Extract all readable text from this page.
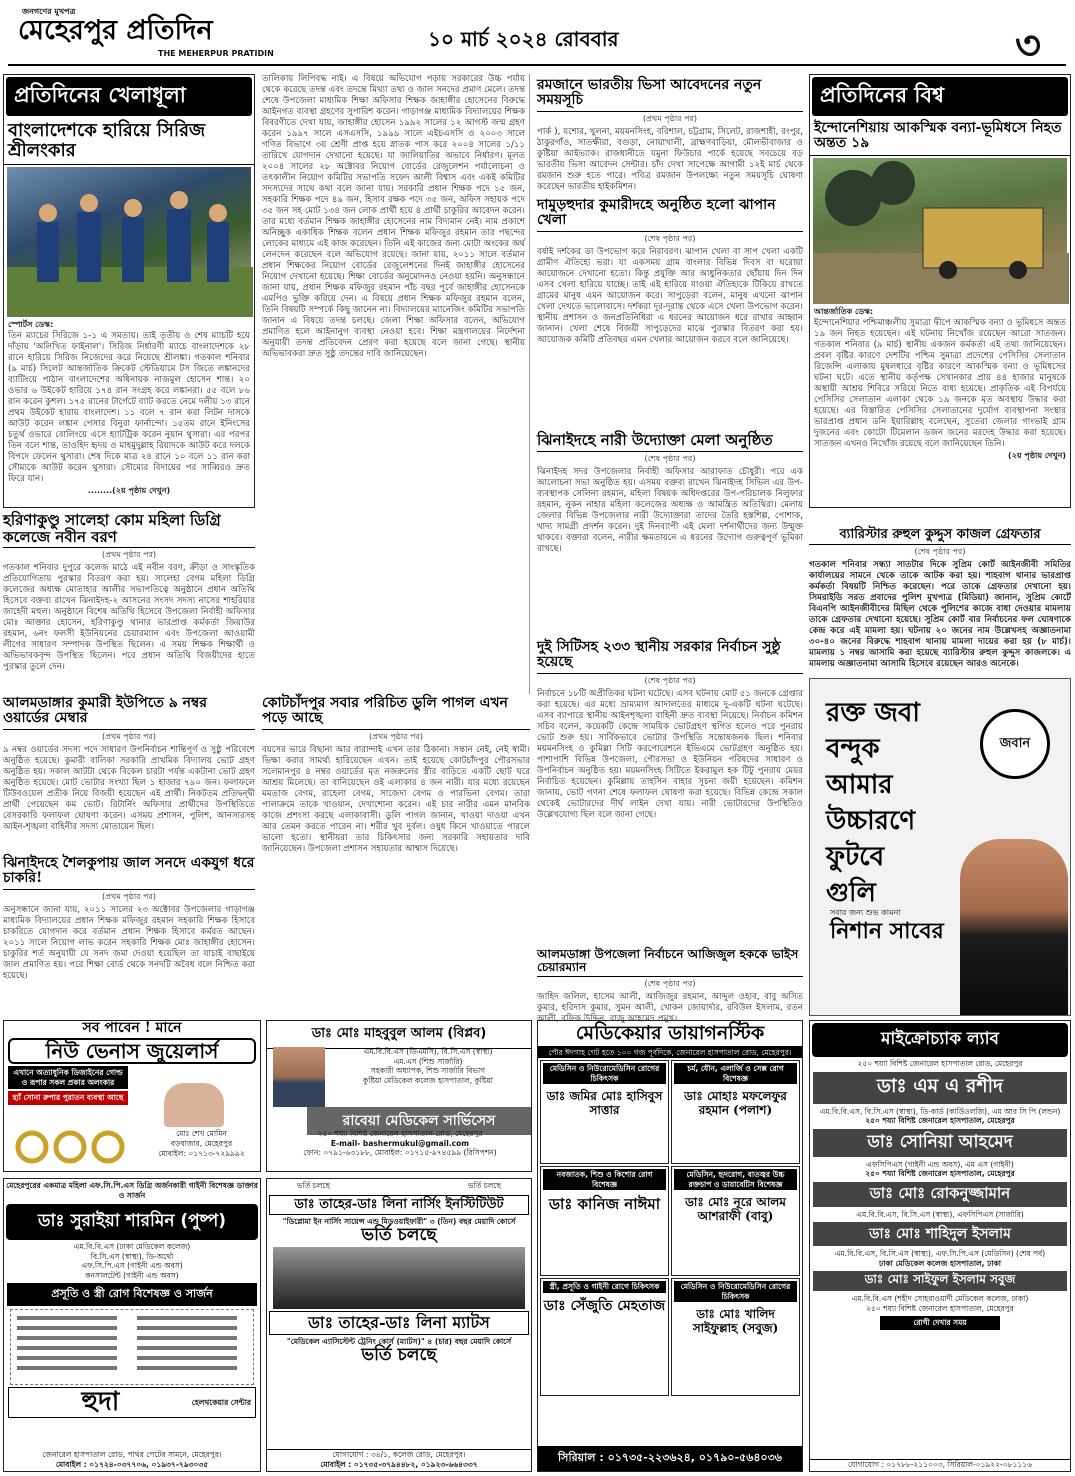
জনগণের মুখপত্র
মেহেরপুর প্রতিদিন
THE MEHERPUR PRATIDIN
১০ মার্চ ২০২৪ রোববার	৩
প্রতিদিনের খেলাধূলা
বাংলাদেশকে হারিয়ে সিরিজ শ্রীলংকার
স্পোর্টস ডেস্ক:
তিন ম্যাচের সিরিজে ১-১ এ সমতায়। তাই তৃতীয় ও শেষ ম্যাচটি হয়ে দাঁড়ায় 'অলিখিত ফাইনাল'। সিরিজ নির্ধারণী ম্যাচে বাংলাদেশকে ২৮ রানে হারিয়ে সিরিজ নিজেদের করে নিয়েছে শ্রীলঙ্কা। গতকাল শনিবার (৯ মার্চ) সিলেট আন্তর্জাতিক ক্রিকেট স্টেডিয়ামে টস জিতে লঙ্কানদের ব্যাটিংয়ে পাঠান বাংলাদেশের অধিনায়ক নাজমুল হোসেন শান্ত। ২০ ওভার ৬ উইকেট হারিয়ে ১৭৪ রান সংগ্রহ করে লঙ্কানরা। ৫৫ বলে ৮৬ রান করেন কুশল। ১৭৫ রানের টার্গেটে ব্যাট করতে নেমে দলীয় ১৩ রানে প্রথম উইকেট হারায় বাংলাদেশ। ১১ বলে ৭ রান করা লিটন দাসকে আউট করেন লঙ্কান পেসার বিনুরা ফার্নান্দো। ১৫তম রানে ইনিংসের চতুর্থ ওভারে বোলিংয়ে এসে হ্যাটট্রিক করেন নুয়ান থুসারা। এর পরপর তিন বলে শান্ত, তাওহিদ হৃদয় ও মাহমুদুল্লাহ রিয়াদকে আউট করে দলকে বিপদে ফেলেন থুসারা। শেষ দিকে মাত্র ২৪ রানে ১০ বলে ১১ রান করা সৌম্যকে আউট করেন থুসারা। সৌম্যের বিদায়ের পর সাব্বিরও দ্রুত ফিরে যান।
........(২য় পৃষ্ঠায় দেখুন)
হরিণাকুণ্ডু সালেহা কোম মহিলা ডিগ্রি কলেজে নবীন বরণ
(প্রথম পৃষ্ঠার পর)
গতকাল শনিবার দুপুরে কলেজ মাঠে এই নবীন বরণ, ক্রীড়া ও সাংস্কৃতিক প্রতিযোগিতায় পুরস্কার বিতরণ করা হয়। সালেহা বেগম মহিলা ডিগ্রি কলেজের অধ্যক্ষ মোতাহার আলীর সভাপতিত্বে অনুষ্ঠানে প্রধান অতিথি হিসেবে বক্তব্য রাখেন ঝিনাইদহ-২ আসনের সংসদ সদস্য নাসের শাহরিয়ার জাহেদী মহুল। অনুষ্ঠানে বিশেষ অতিথি হিসেবে উপজেলা নির্বাহী অফিসার মোঃ আক্তার হোসেন, হরিণাকুণ্ডু থানার ভারপ্রাপ্ত কর্মকর্তা জিয়াউর রহমান, ৬নং ফলসী ইউনিয়নের চেয়ারম্যান এবং উপজেলা আওয়ামী লীগের সাধারণ সম্পাদক উপস্থিত ছিলেন। এ সময় শিক্ষক শিক্ষার্থী ও অভিভাবকবৃন্দ উপস্থিত ছিলেন। পরে প্রধান অতিথি বিজয়ীদের হাতে পুরস্কার তুলে দেন।
আলমডাঙ্গার কুমারী ইউপিতে ৯ নম্বর ওয়ার্ডের মেম্বার
(প্রথম পৃষ্ঠার পর)
৯ নম্বর ওয়ার্ডের সদস্য পদে সাধারণ উপনির্বাচন শান্তিপূর্ণ ও সুষ্ঠু পরিবেশে অনুষ্ঠিত হয়েছে। কুমারী বালিকা সরকারি প্রাথমিক বিদ্যালয় ভোট গ্রহণ অনুষ্ঠিত হয়। সকাল আটটা থেকে বিকেল চারটা পর্যন্ত একটানা ভোট গ্রহণ অনুষ্ঠিত হয়েছে। মোট ভোটার সংখ্যা ছিল ১ হাজার ৭৯০ জন। ফলাফলে টিউবওয়েল প্রতীক নিয়ে বিজয়ী হয়েছেন এই প্রার্থী। নিকটতম প্রতিদ্বন্দ্বী প্রার্থী পেয়েছেন কম ভোট। রিটার্নিং অফিসার প্রার্থীদের উপস্থিতিতে বেসরকারি ফলাফল ঘোষণা করেন। এসময় প্রশাসন, পুলিশ, আনসারসহ আইন-শৃঙ্খলা বাহিনীর সদস্য মোতায়েন ছিল।
ঝিনাইদহে শৈলকুপায় জাল সনদে একযুগ ধরে চাকরি!
(প্রথম পৃষ্ঠার পর)
অনুসন্ধানে জানা যায়, ২০১১ সালের ২৩ অক্টোবর উপজেলার গাড়াগঞ্জ মাধ্যমিক বিদ্যালয়ের প্রধান শিক্ষক মফিজুর রহমান সহকারি শিক্ষক হিসাবে চাকরিতে যোগদান করে বর্তমান প্রধান শিক্ষক হিসাবে কর্মরত আছেন। ২০১১ সালে নিয়োগ লাভ করেন সহকারি শিক্ষক মোঃ জাহাঙ্গীর হোসেন। চাকুরির শর্ত অনুযায়ী যে সনদ জমা দেওয়া হয়েছিল তা যাচাই বাছাইয়ে জাল প্রমাণিত হয়। পরে শিক্ষা বোর্ড থেকে সনদটি অবৈধ বলে নিশ্চিত করা হয়েছে।
তালিকায় লিপিবদ্ধ নাই। এ বিষয়ে অভিযোগ পড়ায় সরকারের উচ্চ পর্যায় থেকে করেছে তদন্ত এবং তদন্তে মিথ্যা তথ্য ও জাল সনদের প্রমাণ মেলে। তদন্ত শেষে উপজেলা মাধ্যমিক শিক্ষা অফিসার শিক্ষক জাহাঙ্গীর হোসেনের বিরুদ্ধে আইনগত ব্যবস্থা গ্রহণের সুপারিশ করেন। গাড়াগঞ্জ মাধ্যমিক বিদ্যালয়ের শিক্ষক বিবরণীতে দেখা যায়, জাহাঙ্গীর হোসেন ১৯৯২ সালের ১২ আগস্ট জন্ম গ্রহণ করেন ১৯৯৭ সালে এসএসসি, ১৯৯৯ সালে এইচএসসি ও ২০০৩ সালে গণিত বিভাগে ৩য় শ্রেণী প্রাপ্ত হয়ে স্নাতক পাস করে ২০০৪ সালের ১/১১ তারিখে যোগদান দেখানো হয়েছে। যা জালিয়াতির অভাবে নির্ধারণ। মূলত ২০০৪ সালের ২৮ অক্টোবর নিয়োগ বোর্ডের রেজুলেশন পর্যালোচনা ও তৎকালীন নিয়োগ কমিটির সভাপতি সফেদ আলী বিশ্বাস এবং একই কমিটির সদস্যদের সাথে কথা বলে জানা যায়। সরকারি প্রধান শিক্ষক পদে ১৫ জন, সহকারি শিক্ষক পদে ৪৯ জন, হিসাব রক্ষক পদে ৩৫ জন, অফিস সহায়ক পদে ৩৫ জন সহ মোট ১৩৪ জন লোক প্রার্থী হয়ে ৪ প্রার্থী চাকুরির আবেদন করেন। তার মধ্যে বর্তমান শিক্ষক জাহাঙ্গীর হোসেনের নাম বিদ্যমান নেই। নাম প্রকাশে অনিচ্ছুক একাধিক শিক্ষক বলেন প্রধান শিক্ষক মফিজুর রহমান তার পছন্দের লোকের মাধ্যমে এই কাজ করেছেন। তিনি এই কাজের জন্য মোটা অংকের অর্থ লেনদেন করেছেন বলে অভিযোগ রয়েছে। জানা যায়, ২০১১ সালে বর্তমান প্রধান শিক্ষকের নিয়োগ বোর্ডের রেজুলেশনের দিনই জাহাঙ্গীর হোসেনের নিয়োগ দেখানো হয়েছে। শিক্ষা বোর্ডের অনুমোদনও নেওয়া হয়নি। অনুসন্ধানে জানা যায়, প্রধান শিক্ষক মফিজুর রহমান পাঁচ বছর পূর্বে জাহাঙ্গীর হোসেনকে এমপিও ভুক্তি করিয়ে দেন। এ বিষয়ে প্রধান শিক্ষক মফিজুর রহমান বলেন, তিনি বিষয়টি সম্পর্কে কিছু জানেন না। বিদ্যালয়ের ম্যানেজিং কমিটির সভাপতি জানান এ বিষয়ে তদন্ত চলছে। জেলা শিক্ষা অফিসার বলেন, অভিযোগ প্রমাণিত হলে আইনানুগ ব্যবস্থা নেওয়া হবে। শিক্ষা মন্ত্রণালয়ের নির্দেশনা অনুযায়ী তদন্ত প্রতিবেদন প্রেরণ করা হয়েছে বলে জানা গেছে। স্থানীয় অভিভাবকরা দ্রুত সুষ্ঠু তদন্তের দাবি জানিয়েছেন।
কোটচাঁদপুর সবার পরিচিত ডুলি পাগল এখন পড়ে আছে
(প্রথম পৃষ্ঠার পর)
বয়সের ভারে বিছানা আর বারান্দাই এখন তার ঠিকানা। সন্তান নেই, নেই স্বামী। ভিক্ষা করার সামর্থ্য হারিয়েছেন এখন। তাই হয়েছে কোটচাঁদপুর পৌরসভার সলেমানপুর ৪ নম্বর ওয়ার্ডের মৃত নজরুলের স্ত্রীর বাড়িতে একটি ছোট ঘরে আশ্রয় মিলেছে। তা বানিয়েছেন ওই এলাকার ৪ জন নারী। যার মধ্যে রয়েছেন মমতাজ বেগম, রাহেলা বেগম, সাজেদা বেগম ও পারভিনা বেগম। তারা পালাক্রমে তাকে খাওয়ান, দেখাশোনা করেন। এই চার নারীর এমন মানবিক কাজে প্রশংসা করছে এলাকাবাসী। ডুলি পাগল জানান, খাওয়া দাওয়া এখন আর তেমন করতে পারেন না। শরীর খুব দুর্বল। ওষুধ কিনে খাওয়াতে পারলে ভালো হতো। স্থানীয়রা তার চিকিৎসার জন্য সরকারি সহায়তার দাবি জানিয়েছেন। উপজেলা প্রশাসন সহায়তার আশ্বাস দিয়েছে।
রমজানে ভারতীয় ভিসা আবেদনের নতুন সময়সূচি
(প্রথম পৃষ্ঠার পর)
পার্ক ), যশোর, খুলনা, ময়মনসিংহ, বরিশাল, চট্টগ্রাম, সিলেট, রাজশাহী, রংপুর, ঠাকুরগাঁও, সাতক্ষীরা, বগুড়া, নোয়াখালী, ব্রাহ্মণবাড়িয়া, মৌলভীবাজার ও কুষ্টিয়া আইভ্যাক। রাজধানীতে যমুনা ফিউচার পার্কে হয়েছে সবচেয়ে বড় ভারতীয় ভিসা আবেদন সেন্টার। চাঁদ দেখা সাপেক্ষে আগামী ১২ই মার্চ থেকে রমজান শুরু হতে পারে। পবিত্র রমজান উপলক্ষ্যে নতুন সময়সূচি ঘোষণা করেছেন ভারতীয় হাইকমিশন।
দামুড়হুদার কুমারীদহে অনুষ্ঠিত হলো ঝাপান খেলা
(শেষ পৃষ্ঠার পর)
বর্ষাই দর্শকের ডা উপভোগ করে নিরাবরণ। ঝাপান খেলা বা সাপ খেলা একটি গ্রামীণ ঐতিহ্যে ভরা। যা একসময় গ্রাম বাংলার বিভিন্ন দিবস বা ঘরোয়া আয়োজনে দেখানো হতো। কিন্তু প্রযুক্তি আর আধুনিকতার ছোঁয়ায় দিন দিন এসব খেলা হারিয়ে যাচ্ছে। তাই এই হারিয়ে যাওয়া ঐতিহ্যকে টিকিয়ে রাখতে গ্রামের মানুষ এমন আয়োজন করে। সাপুড়েরা বলেন, মানুষ এখনো ঝাপান খেলা দেখতে ভালোবাসে। দর্শকরা দূর-দূরান্ত থেকে এসে খেলা উপভোগ করেন। স্থানীয় প্রশাসন ও জনপ্রতিনিধিরা এ ধরনের আয়োজন ধরে রাখার আহ্বান জানান। খেলা শেষে বিজয়ী সাপুড়েদের মাঝে পুরস্কার বিতরণ করা হয়। আয়োজক কমিটি প্রতিবছর এমন খেলার আয়োজন করবে বলে জানিয়েছে।
ঝিনাইদহে নারী উদ্যোক্তা মেলা অনুষ্ঠিত
(শেষ পৃষ্ঠার পর)
ঝিনাইদহ সদর উপজেলার নির্বাহী অফিসার আরাফাত চৌধুরী। পরে এক আলোচনা সভা অনুষ্ঠিত হয়। এসময় বক্তব্য রাখেন ঝিনাইদহ সিভিল এর উপ-ব্যবস্থাপক সেলিনা রহমান, মহিলা বিষয়ক অধিদপ্তরের উপ-পরিচালক নিলুফার রহমান, নুকন নাহার মহিলা কলেজের অধ্যক্ষ ও আমন্ত্রিত অতিথিরা। মেলায় জেলার বিভিন্ন উপজেলার নারী উদ্যোক্তারা তাদের তৈরি হস্তশিল্প, পোশাক, খাদ্য সামগ্রী প্রদর্শন করেন। দুই দিনব্যাপী এই মেলা দর্শনার্থীদের জন্য উন্মুক্ত থাকবে। বক্তারা বলেন, নারীর ক্ষমতায়নে এ ধরনের উদ্যোগ গুরুত্বপূর্ণ ভূমিকা রাখছে।
দুই সিটিসহ ২৩৩ স্থানীয় সরকার নির্বাচন সুষ্ঠু হয়েছে
(শেষ পৃষ্ঠার পর)
নির্বাচনে ১৮টি অপ্রীতিকর ঘটনা ঘটেছে। এসব ঘটনায় মোট ৫১ জনকে গ্রেপ্তার করা হয়েছে। এর মধ্যে ভ্রাম্যমাণ আদালতের মাধ্যমে দু-একটি ঘটনা ঘটেছে। এসব ব্যাপারে স্থানীয় আইনশৃঙ্খলা বাহিনী দ্রুত ব্যবস্থা নিয়েছে। নির্বাচন কমিশন সচিব বলেন, কয়েকটি কেন্দ্রে সাময়িক ভোটগ্রহণ স্থগিত হলেও পরে পুনরায় ভোট শুরু হয়। সার্বিকভাবে ভোটার উপস্থিতি সন্তোষজনক ছিল। শনিবার ময়মনসিংহ ও কুমিল্লা সিটি করপোরেশনে ইভিএমে ভোটগ্রহণ অনুষ্ঠিত হয়। পাশাপাশি বিভিন্ন উপজেলা, পৌরসভা ও ইউনিয়ন পরিষদের সাধারণ ও উপনির্বাচন অনুষ্ঠিত হয়। ময়মনসিংহ সিটিতে ইকরামুল হক টিটু পুনরায় মেয়র নির্বাচিত হয়েছেন। কুমিল্লায় তাহসিন বাহার সূচনা জয়ী হয়েছেন। কমিশন জানায়, ভোট গণনা শেষে ফলাফল ঘোষণা করা হয়েছে। বিভিন্ন কেন্দ্রে সকাল থেকেই ভোটারদের দীর্ঘ লাইন দেখা যায়। নারী ভোটারদের উপস্থিতিও উল্লেখযোগ্য ছিল বলে জানা গেছে।
আলমডাঙ্গা উপজেলা নির্বাচনে আজিজুল হককে ভাইস চেয়ারম্যান
(শেষ পৃষ্ঠার পর)
জাহিদ জলিল, হাসেম আলী, আজিজুর রহমান, আব্দুল ওহাব, বাবু অসিত কুমার, হরিদাস কুমার, সুমন আলী, খোকন জোয়ার্দার, রবিউল ইসলাম, রতন আলী, রফিক উদ্দিন, রাজু আহমেদ প্রমুখ।
প্রতিদিনের বিশ্ব
ইন্দোনেশিয়ায় আকস্মিক বন্যা-ভূমিধসে নিহত অন্তত ১৯
আন্তর্জাতিক ডেস্ক:
ইন্দোনেশিয়ার পশ্চিমাঞ্চলীয় সুমাত্রা দ্বীপে আকস্মিক বন্যা ও ভূমিধসে অন্তত ১৯ জন নিহত হয়েছেন। এই ঘটনায় নিখোঁজ রয়েছেন আরো সাতজন। গতকাল শনিবার (৯ মার্চ) স্থানীয় একজন কর্মকর্তা এই তথ্য জানিয়েছেন। প্রবল বৃষ্টির কারণে দেশটির পশ্চিম সুমাত্রা প্রদেশের পেসিসির সেলাতান রিজেন্সি এলাকায় মুষলধারে বৃষ্টির কারণে আকস্মিক বন্যা ও ভূমিধসের ঘটনা ঘটে। এতে স্থানীয় কর্তৃপক্ষ সেখানকার প্রায় ৪৪ হাজার মানুষকে অস্থায়ী আশ্রয় শিবিরে সরিয়ে নিতে বাধ্য হয়েছে। প্রাকৃতিক এই বিপর্যয়ে পেসিসির সেলাতান এলাকা থেকে ১৯ জনকে মৃত অবস্থায় উদ্ধার করা হয়েছে। এর বিস্তারিত পেসিসির সেলাতানের দুর্যোগ ব্যবস্থাপনা সংস্থার ভারপ্রাপ্ত প্রধান ডনি ইয়ারিল্লাহ বলেছেন, সুতেরা জেলার গাংভাই গ্রাম দুজনের এবং কোটো টিমেলান ডজন জনের মরদেহ উদ্ধার করা হয়েছে। সাতজন এখনও নিখোঁজ রয়েছে বলে জানিয়েছেন তিনি।
(২য় পৃষ্ঠায় দেখুন)
ব্যারিস্টার রুহুল কুদ্দুস কাজল গ্রেফতার
(শেষ পৃষ্ঠার পর)
গতকাল শনিবার সন্ধ্যা সাতটার দিকে সুপ্রিম কোর্ট আইনজীবী সমিতির কার্যালয়ের সামনে থেকে তাকে আটক করা হয়। শাহবাগ থানার ভারপ্রাপ্ত কর্মকর্তা বিষয়টি নিশ্চিত করেছেন। পরে তাকে গ্রেফতার দেখানো হয়। সিমরাইডি সরত প্রবাদের পুলিশ মুখপাত্র (মিডিয়া) জানান, সুপ্রিম কোর্টে বিএনপি আইনজীবীদের মিছিল থেকে পুলিশের কাজে বাধা দেওয়ার মামলায় তাকে গ্রেফতার দেখানো হয়েছে। সুপ্রিম কোর্ট বার নির্বাচনের ফল ঘোষণাকে কেন্দ্র করে এই মামলা হয়। ঘটনায় ২০ জনের নাম উল্লেখসহ অজ্ঞাতনামা ৩০-৪০ জনের বিরুদ্ধে শাহবাগ থানায় মামলা দায়ের করা হয় (৮ মার্চ)। মামলায় ১ নম্বর আসামি করা হয়েছে ব্যারিস্টার রুহুল কুদ্দুস কাজলকে। এ মামলায় অজ্ঞাতনামা আসামি হিসেবে রয়েছেন আরও অনেকে।
রক্ত জবা
বন্দুক
আমার
উচ্চারণে
ফুটবে
গুলি
জবান
সবার জন্য শুভ কামনা
নিশান সাবের
সব পাবেন ! মানে
নিউ ভেনাস জুয়েলার্স
এখানে অত্যাধুনিক ডিজাইনের গোল্ড ও রূপার সকল প্রকার অলংকার
হ্যাঁ সোনা রুপার পুরাতন ব্যবস্থা আছে
মোঃ শেখ মোমিন
বড়বাজার, মেহেরপুর
মোবাইল: ০১৭১৩-৭২৯৯৯২
ডাঃ মোঃ মাহবুবুল আলম (বিপ্লব)
এম.বি.বি.এস (ডিএমসি), বি.সি.এস (স্বাস্থ্য)
এম.এস (শিশু সার্জারি)
সহকারী অধ্যাপক, শিশু সার্জারি বিভাগ
কুষ্টিয়া মেডিকেল কলেজ হাসপাতাল, কুষ্টিয়া
রাবেয়া মেডিকেল সার্ভিসেস
২৫০ শয্যা বিশিষ্ট জেনারেল হাসপাতাল রোড, মেহেরপুর
E-mail- bashermukul@gmail.com
ফোন: ০৭৯১-৬৩১৮৮, মোবাইল: ০১৭১৫-৯৭৪৫৯৯ (রিসিপশন)
মেডিকেয়ার ডায়াগনস্টিক
পৌর ঈদগাহ গেট হতে ১০০ গজ পূর্বদিকে, জেনারেল হাসপাতাল রোড, মেহেরপুর।
মেডিসিন ও নিউরোমেডিসিন রোগের চিকিৎসক
ডাঃ জমির মোঃ হাসিবুস সাত্তার
চর্ম, যৌন, এলার্জি ও সেক্স রোগ বিশেষজ্ঞ
ডাঃ মোহাঃ মফলেফুর রহমান (পলাশ)
নবজাতক, শিশু ও কিশোর রোগ বিশেষজ্ঞ
ডাঃ কানিজ নাঈমা
মেডিসিন, হৃদরোগ, বাতজ্বর উচ্চ রক্তচাপ ও ডায়াবেটিস বিশেষজ্ঞ
ডাঃ মোঃ নূরে আলম আশরাফী (বাবু)
স্ত্রী, প্রসূতি ও গাইনী রোগে চিকিৎসক
ডাঃ সেঁজুতি মেহতাজ
মেডিসিন ও নিউরোমেডিসিন রোগের চিকিৎসক
ডাঃ মোঃ খালিদ সাইফুল্লাহ (সবুজ)
সিরিয়াল : ০১৭৩৫-২২৩৬২৪, ০১৭৯০-৫৬৪০৩৬
মাইক্রোচ্যাক ল্যাব
২৫০ শয্যা বিশিষ্ট জেনারেল হাসপাতাল রোড, মেহেরপুর
ডাঃ এম এ রশীদ
এম.বি.বি.এস, বি.সি.এস (স্বাস্থ্য), ডি-কার্ড (কার্ডিওলজি), এম আর সি পি (লন্ডন)
২৫০ শয্যা বিশিষ্ট জেনারেল হাসপাতাল, মেহেরপুর
ডাঃ সোনিয়া আহমেদ
এফসিপিএস (গাইনী এন্ড অবস), এম এস (গাইনী)
২৫০ শয্যা বিশিষ্ট জেনারেল হাসপাতাল, মেহেরপুর
ডাঃ মোঃ রোকনুজ্জামান
এম.বি.বি.এস, বি.সি.এস (স্বাস্থ্য), এফসিপিএস (সার্জারি)
ডাঃ মোঃ শাহিদুল ইসলাম
এম.বি.বি.এস, বি.সি.এস (স্বাস্থ্য), এফ.সি.পি.এস (মেডিসিন) (শেষ পর্ব)
ঢাকা মেডিকেল কলেজ হাসপাতাল, ঢাকা
ডাঃ মোঃ সাইফুল ইসলাম সবুজ
এম.বি.বি.এস (শহীদ সোহরাওয়ার্দী মেডিকেল কলেজ, ঢাকা)
২৫০ শয্যা বিশিষ্ট জেনারেল হাসপাতাল, মেহেরপুর
রোগী দেখার সময়
যোগাযোগ : ০১৭৮৮-২১১০০৩, সিরিয়াল-০১৯২২-০৮১১১৬
মেহেরপুরের একমাত্র মহিলা এফ.সি.পি.এস ডিগ্রি অর্জনকারী গাইনী বিশেষজ্ঞ ডাক্তার ও সার্জন
ডাঃ সুরাইয়া শারমিন (পুষ্প)
এম.বি.বি.এস (ঢাকা মেডিকেল কলেজ)
বি.সি.এস (স্বাস্থ্য), ডি-অর্থো
এফ.সি.পি.এস (গাইনী এন্ড অবস)
কনসালটেন্ট (গাইনী এন্ড অবস)
প্রসূতি ও স্ত্রী রোগ বিশেষজ্ঞ ও সার্জন
হুদা	হেলথকেয়ার সেন্টার
জেনারেল হাসপাতাল রোড, পাথর পেটের সামনে, মেহেরপুর।
মোবাইল : ০১৭২৪-০৩৭৭০৬, ০১৯৩৭-৭৯৩০৩৫
ভর্তি চলছে	ভর্তি চলছে
ডাঃ তাহের-ডাঃ লিনা নার্সিং ইনস্টিটিউট
"ডিপ্লোমা ইন নার্সিং সায়েন্স এন্ড মিডওয়াইফারী" ৩ (তিন) বছর মেয়াদি কোর্সে
ভর্তি চলছে
ডাঃ তাহের-ডাঃ লিনা ম্যাটস
"মেডিকেল এ্যাসিস্টেন্ট ট্রেনিং কোর্স (ম্যাটস)" ৪ (চার) বছর মেয়াদি কোর্সে
ভর্তি চলছে
যোগাযোগ : ৩৪/১, কলেজ রোড, মেহেরপুর।
মোবাইল : ০১৭৩৫-৩৭৯৪৪৮২, ০১৯২৩-৬৬৪৩৩৭
